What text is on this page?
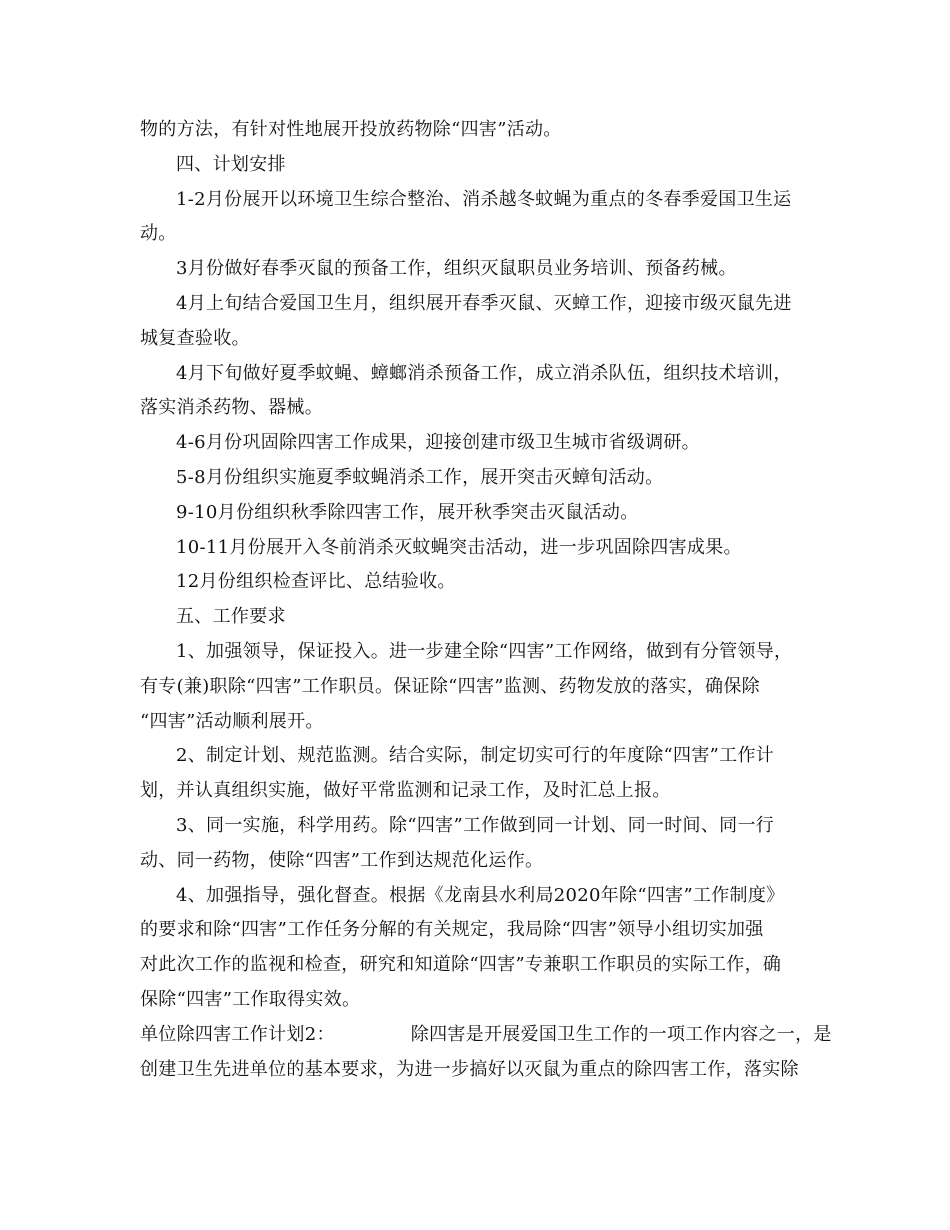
物的方法，有针对性地展开投放药物除“四害”活动。
四、计划安排
1-2月份展开以环境卫生综合整治、消杀越冬蚊蝇为重点的冬春季爱国卫生运
动。
3月份做好春季灭鼠的预备工作，组织灭鼠职员业务培训、预备药械。
4月上旬结合爱国卫生月，组织展开春季灭鼠、灭蟑工作，迎接市级灭鼠先进
城复查验收。
4月下旬做好夏季蚊蝇、蟑螂消杀预备工作，成立消杀队伍，组织技术培训，
落实消杀药物、器械。
4-6月份巩固除四害工作成果，迎接创建市级卫生城市省级调研。
5-8月份组织实施夏季蚊蝇消杀工作，展开突击灭蟑旬活动。
9-10月份组织秋季除四害工作，展开秋季突击灭鼠活动。
10-11月份展开入冬前消杀灭蚊蝇突击活动，进一步巩固除四害成果。
12月份组织检查评比、总结验收。
五、工作要求
1、加强领导，保证投入。进一步建全除“四害”工作网络，做到有分管领导，
有专(兼)职除“四害”工作职员。保证除“四害”监测、药物发放的落实，确保除
“四害”活动顺利展开。
2、制定计划、规范监测。结合实际，制定切实可行的年度除“四害”工作计
划，并认真组织实施，做好平常监测和记录工作，及时汇总上报。
3、同一实施，科学用药。除“四害”工作做到同一计划、同一时间、同一行
动、同一药物，使除“四害”工作到达规范化运作。
4、加强指导，强化督查。根据《龙南县水利局2020年除“四害”工作制度》
的要求和除“四害”工作任务分解的有关规定，我局除“四害”领导小组切实加强
对此次工作的监视和检查，研究和知道除“四害”专兼职工作职员的实际工作，确
保除“四害”工作取得实效。
单位除四害工作计划2：	除四害是开展爱国卫生工作的一项工作内容之一，是
创建卫生先进单位的基本要求，为进一步搞好以灭鼠为重点的除四害工作，落实除
